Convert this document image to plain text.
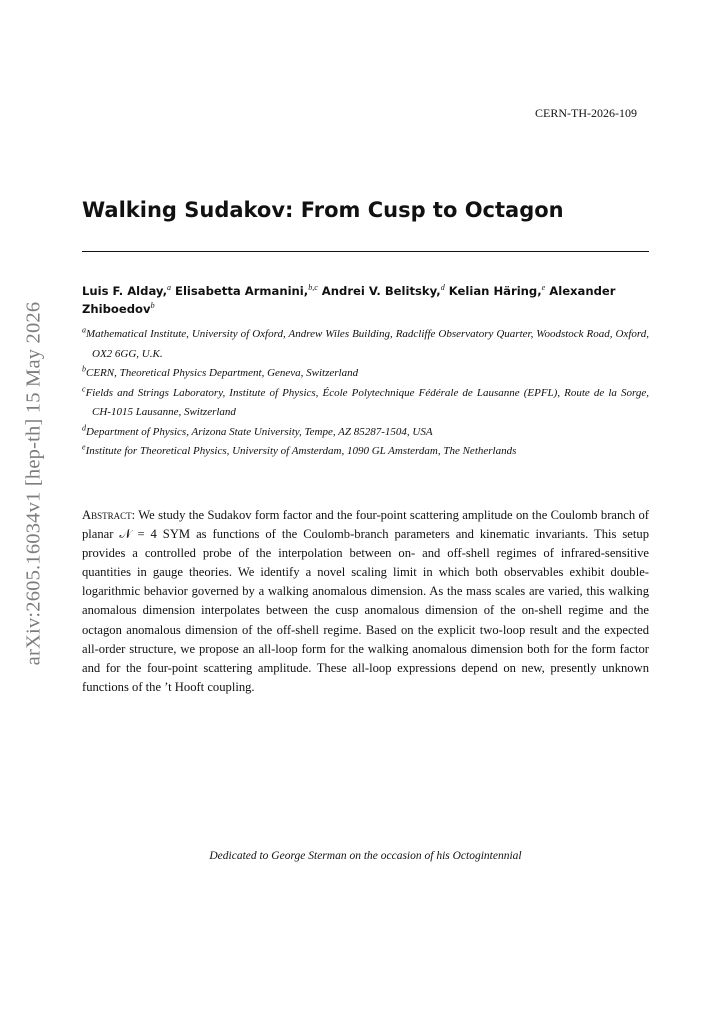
CERN-TH-2026-109
arXiv:2605.16034v1 [hep-th] 15 May 2026
Walking Sudakov: From Cusp to Octagon
Luis F. Alday,$^a$ Elisabetta Armanini,$^{b,c}$ Andrei V. Belitsky,$^d$ Kelian Häring,$^e$ Alexander Zhiboedov$^b$
$^a$Mathematical Institute, University of Oxford, Andrew Wiles Building, Radcliffe Observatory Quarter, Woodstock Road, Oxford, OX2 6GG, U.K.
$^b$CERN, Theoretical Physics Department, Geneva, Switzerland
$^c$Fields and Strings Laboratory, Institute of Physics, École Polytechnique Fédérale de Lausanne (EPFL), Route de la Sorge, CH-1015 Lausanne, Switzerland
$^d$Department of Physics, Arizona State University, Tempe, AZ 85287-1504, USA
$^e$Institute for Theoretical Physics, University of Amsterdam, 1090 GL Amsterdam, The Netherlands

Abstract: We study the Sudakov form factor and the four-point scattering amplitude on the Coulomb branch of planar 𝒩 = 4 SYM as functions of the Coulomb-branch parameters and kinematic invariants. This setup provides a controlled probe of the interpolation between on- and off-shell regimes of infrared-sensitive quantities in gauge theories. We identify a novel scaling limit in which both observables exhibit double-logarithmic behavior governed by a walking anomalous dimension. As the mass scales are varied, this walking anomalous dimension interpolates between the cusp anomalous dimension of the on-shell regime and the octagon anomalous dimension of the off-shell regime. Based on the explicit two-loop result and the expected all-order structure, we propose an all-loop form for the walking anomalous dimension both for the form factor and for the four-point scattering amplitude. These all-loop expressions depend on new, presently unknown functions of the ’t Hooft coupling.

Dedicated to George Sterman on the occasion of his Octogintennial
